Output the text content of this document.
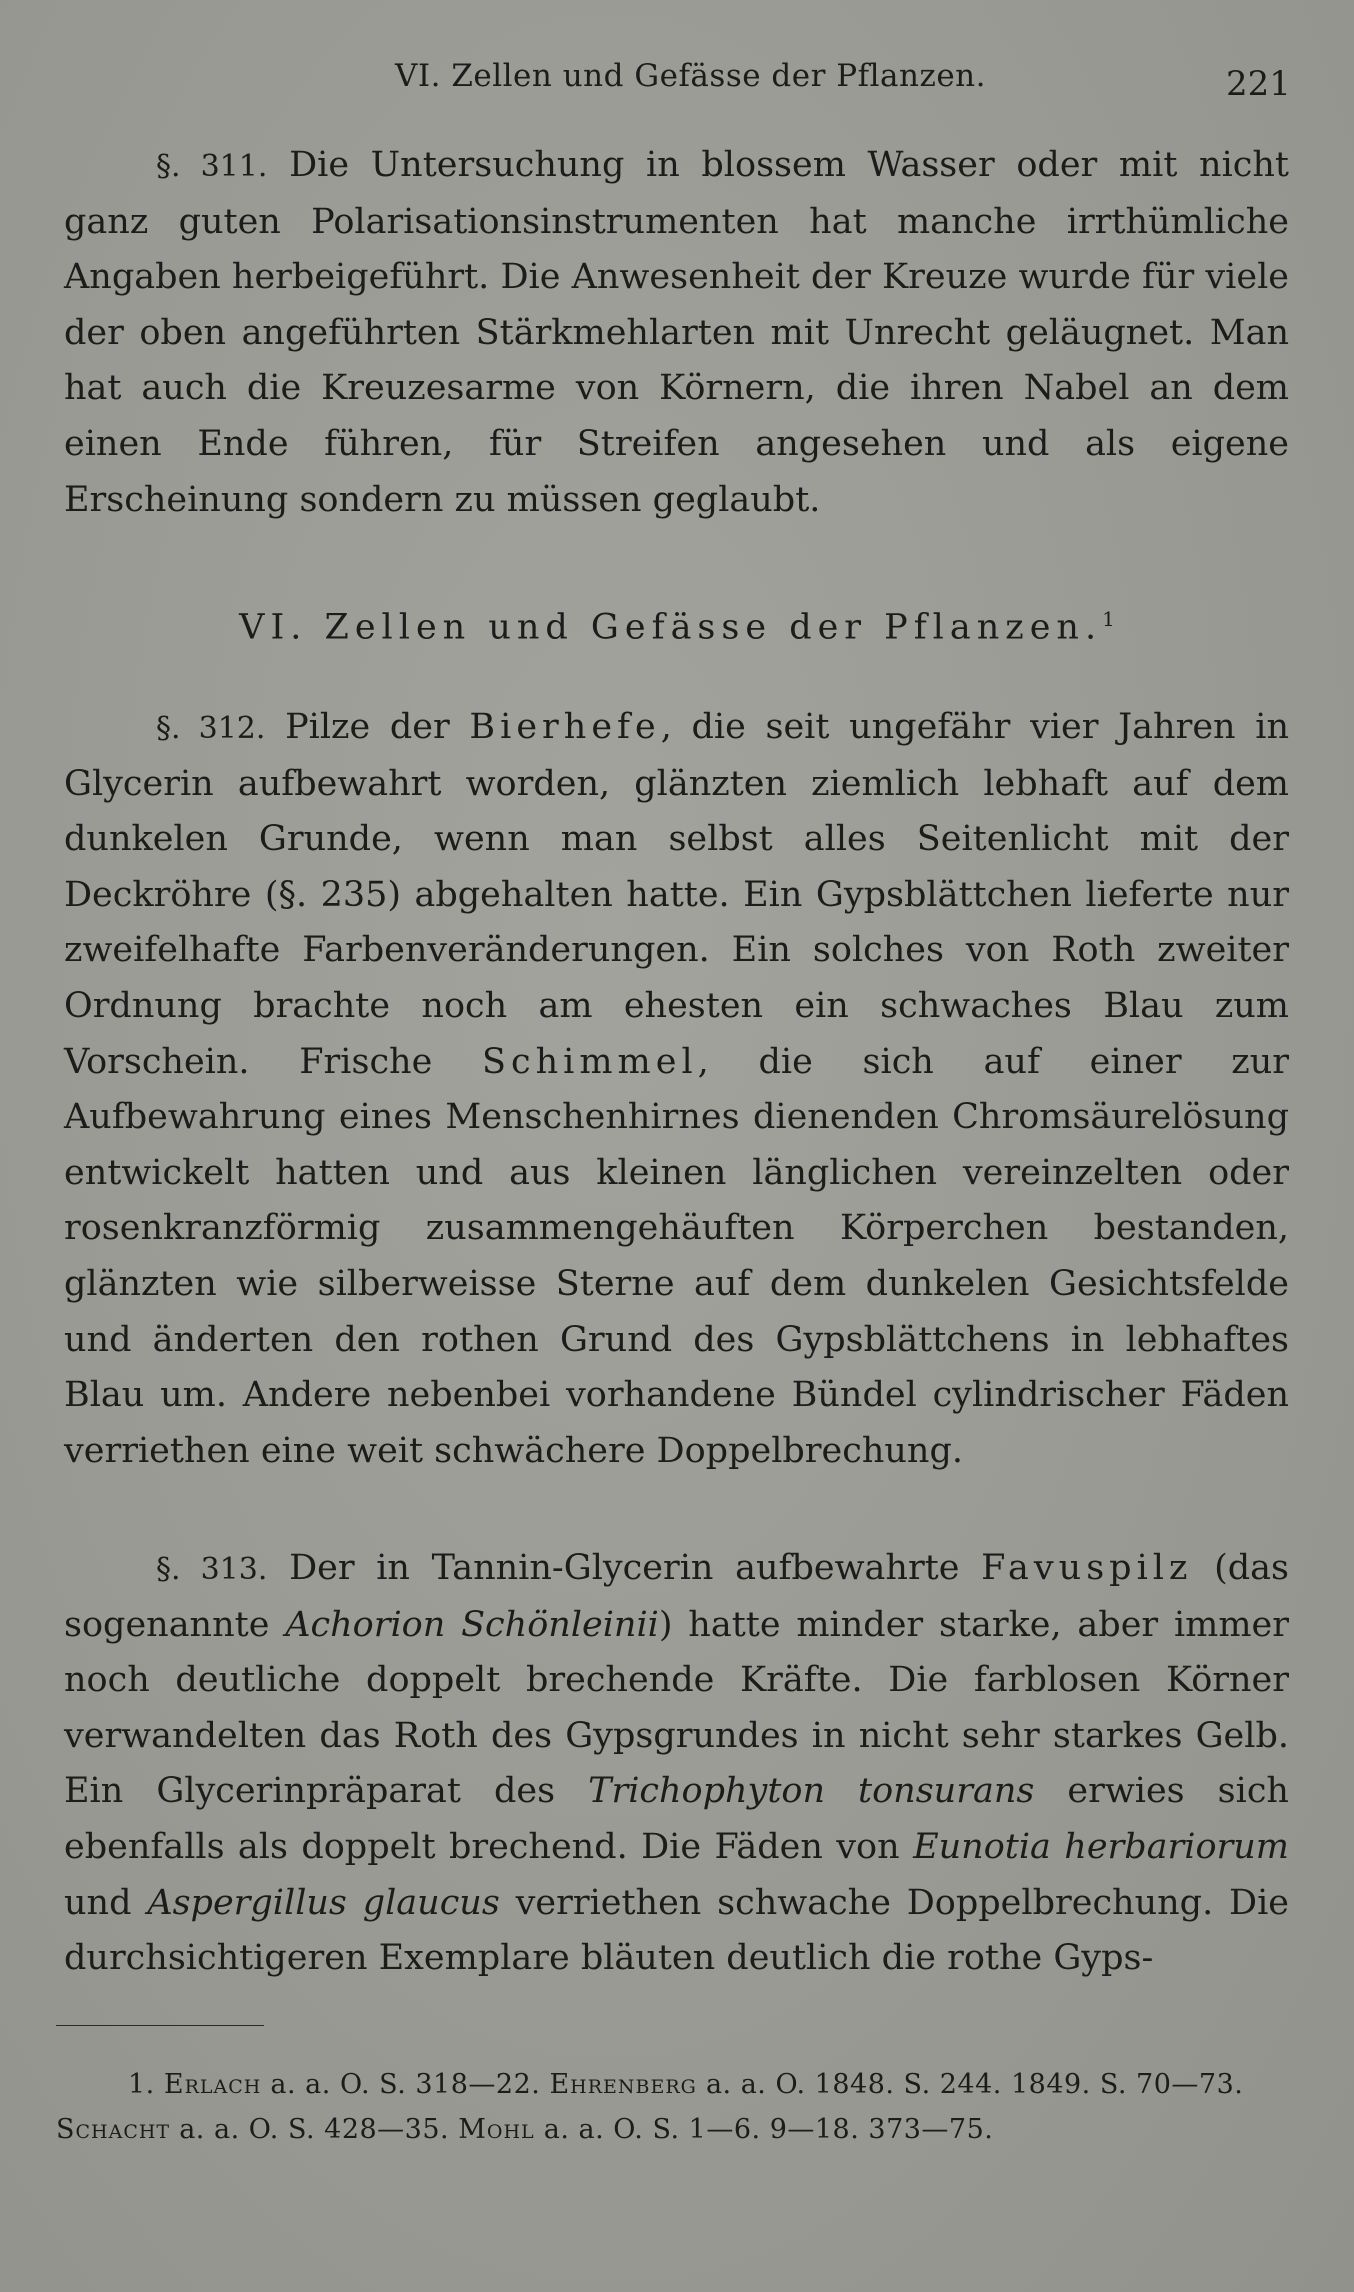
VI. Zellen und Gefässe der Pflanzen.	221
§. 311. Die Untersuchung in blossem Wasser oder mit nicht ganz guten Polarisationsinstrumenten hat manche irrthümliche Angaben herbeigeführt. Die Anwesenheit der Kreuze wurde für viele der oben angeführten Stärkmehlarten mit Unrecht geläugnet. Man hat auch die Kreuzesarme von Körnern, die ihren Nabel an dem einen Ende führen, für Streifen angesehen und als eigene Erscheinung sondern zu müssen geglaubt.
VI. Zellen und Gefässe der Pflanzen.$^1$
§. 312. Pilze der Bierhefe, die seit ungefähr vier Jahren in Glycerin aufbewahrt worden, glänzten ziemlich lebhaft auf dem dunkelen Grunde, wenn man selbst alles Seitenlicht mit der Deckröhre (§. 235) abgehalten hatte. Ein Gypsblättchen lieferte nur zweifelhafte Farbenveränderungen. Ein solches von Roth zweiter Ordnung brachte noch am ehesten ein schwaches Blau zum Vorschein. Frische Schimmel, die sich auf einer zur Aufbewahrung eines Menschenhirnes dienenden Chromsäurelösung entwickelt hatten und aus kleinen länglichen vereinzelten oder rosenkranzförmig zusammengehäuften Körperchen bestanden, glänzten wie silberweisse Sterne auf dem dunkelen Gesichtsfelde und änderten den rothen Grund des Gypsblättchens in lebhaftes Blau um. Andere nebenbei vorhandene Bündel cylindrischer Fäden verriethen eine weit schwächere Doppelbrechung.
§. 313. Der in Tannin-Glycerin aufbewahrte Favuspilz (das sogenannte Achorion Schönleinii) hatte minder starke, aber immer noch deutliche doppelt brechende Kräfte. Die farblosen Körner verwandelten das Roth des Gypsgrundes in nicht sehr starkes Gelb. Ein Glycerinpräparat des Trichophyton tonsurans erwies sich ebenfalls als doppelt brechend. Die Fäden von Eunotia herbariorum und Aspergillus glaucus verriethen schwache Doppelbrechung. Die durchsichtigeren Exemplare bläuten deutlich die rothe Gyps-
1. Erlach a. a. O. S. 318—22. Ehrenberg a. a. O. 1848. S. 244. 1849. S. 70—73. Schacht a. a. O. S. 428—35. Mohl a. a. O. S. 1—6. 9—18. 373—75.
